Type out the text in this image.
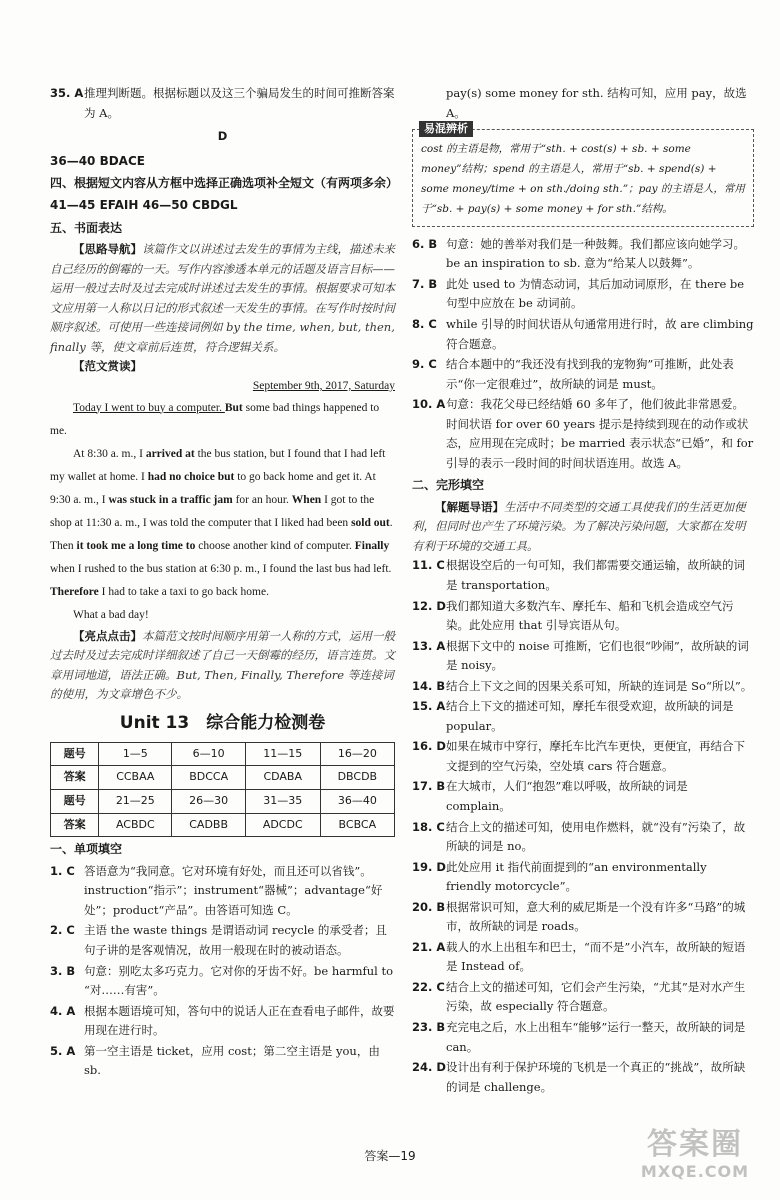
35. A 推理判断题。根据标题以及这三个骗局发生的时间可推断答案为 A。
D
36—40 BDACE
四、根据短文内容从方框中选择正确选项补全短文（有两项多余）
41—45 EFAIH 46—50 CBDGL
五、书面表达

【思路导航】该篇作文以讲述过去发生的事情为主线，描述未来自己经历的倒霉的一天。写作内容渗透本单元的话题及语言目标——运用一般过去时及过去完成时讲述过去发生的事情。根据要求可知本文应用第一人称以日记的形式叙述一天发生的事情。在写作时按时间顺序叙述。可使用一些连接词例如 by the time, when, but, then, finally 等，使文章前后连贯，符合逻辑关系。

【范文赏读】

September 9th, 2017, Saturday

Today I went to buy a computer. But some bad things happened to me.

At 8:30 a. m., I arrived at the bus station, but I found that I had left my wallet at home. I had no choice but to go back home and get it. At 9:30 a. m., I was stuck in a traffic jam for an hour. When I got to the shop at 11:30 a. m., I was told the computer that I liked had been sold out. Then it took me a long time to choose another kind of computer. Finally when I rushed to the bus station at 6:30 p. m., I found the last bus had left. Therefore I had to take a taxi to go back home.

What a bad day!

【亮点点击】本篇范文按时间顺序用第一人称的方式，运用一般过去时及过去完成时详细叙述了自己一天倒霉的经历，语言连贯。文章用词地道，语法正确。But, Then, Finally, Therefore 等连接词的使用，为文章增色不少。

Unit 13　综合能力检测卷
题号	1—5	6—10	11—15	16—20
答案	CCBAA	BDCCA	CDABA	DBCDB
题号	21—25	26—30	31—35	36—40
答案	ACBDC	CADBB	ADCDC	BCBCA
一、单项填空
1. C 答语意为“我同意。它对环境有好处，而且还可以省钱”。instruction“指示”；instrument“器械”；advantage“好处”；product“产品”。由答语可知选 C。
2. C 主语 the waste things 是谓语动词 recycle 的承受者；且句子讲的是客观情况，故用一般现在时的被动语态。
3. B 句意：别吃太多巧克力。它对你的牙齿不好。be harmful to “对……有害”。
4. A 根据本题语境可知，答句中的说话人正在查看电子邮件，故要用现在进行时。
5. A 第一空主语是 ticket，应用 cost；第二空主语是 you，由 sb.
pay(s) some money for sth. 结构可知，应用 pay，故选 A。
易混辨析
cost 的主语是物，常用于“sth. + cost(s) + sb. + some money”结构；spend 的主语是人，常用于“sb. + spend(s) + some money/time + on sth./doing sth.”；pay 的主语是人，常用于“sb. + pay(s) + some money + for sth.”结构。
6. B 句意：她的善举对我们是一种鼓舞。我们都应该向她学习。be an inspiration to sb. 意为“给某人以鼓舞”。
7. B 此处 used to 为情态动词，其后加动词原形，在 there be 句型中应放在 be 动词前。
8. C while 引导的时间状语从句通常用进行时，故 are climbing 符合题意。
9. C 结合本题中的“我还没有找到我的宠物狗”可推断，此处表示“你一定很难过”，故所缺的词是 must。
10. A 句意：我花父母已经结婚 60 多年了，他们彼此非常恩爱。时间状语 for over 60 years 提示是持续到现在的动作或状态，应用现在完成时；be married 表示状态“已婚”，和 for 引导的表示一段时间的时间状语连用。故选 A。
二、完形填空

【解题导语】生活中不同类型的交通工具使我们的生活更加便利，但同时也产生了环境污染。为了解决污染问题，大家都在发明有利于环境的交通工具。

11. C 根据设空后的一句可知，我们都需要交通运输，故所缺的词是 transportation。
12. D 我们都知道大多数汽车、摩托车、船和飞机会造成空气污染。此处应用 that 引导宾语从句。
13. A 根据下文中的 noise 可推断，它们也很“吵闹”，故所缺的词是 noisy。
14. B 结合上下文之间的因果关系可知，所缺的连词是 So“所以”。
15. A 结合上下文的描述可知，摩托车很受欢迎，故所缺的词是 popular。
16. D 如果在城市中穿行，摩托车比汽车更快，更便宜，再结合下文提到的空气污染，空处填 cars 符合题意。
17. B 在大城市，人们“抱怨”难以呼吸，故所缺的词是 complain。
18. C 结合上文的描述可知，使用电作燃料，就“没有”污染了，故所缺的词是 no。
19. D 此处应用 it 指代前面提到的“an environmentally friendly motorcycle”。
20. B 根据常识可知，意大利的威尼斯是一个没有许多“马路”的城市，故所缺的词是 roads。
21. A 载人的水上出租车和巴士，“而不是”小汽车，故所缺的短语是 Instead of。
22. C 结合上文的描述可知，它们会产生污染，“尤其”是对水产生污染，故 especially 符合题意。
23. B 充完电之后，水上出租车“能够”运行一整天，故所缺的词是 can。
24. D 设计出有利于保护环境的飞机是一个真正的“挑战”，故所缺的词是 challenge。
答案—19	答案圈
MXQE.COM
